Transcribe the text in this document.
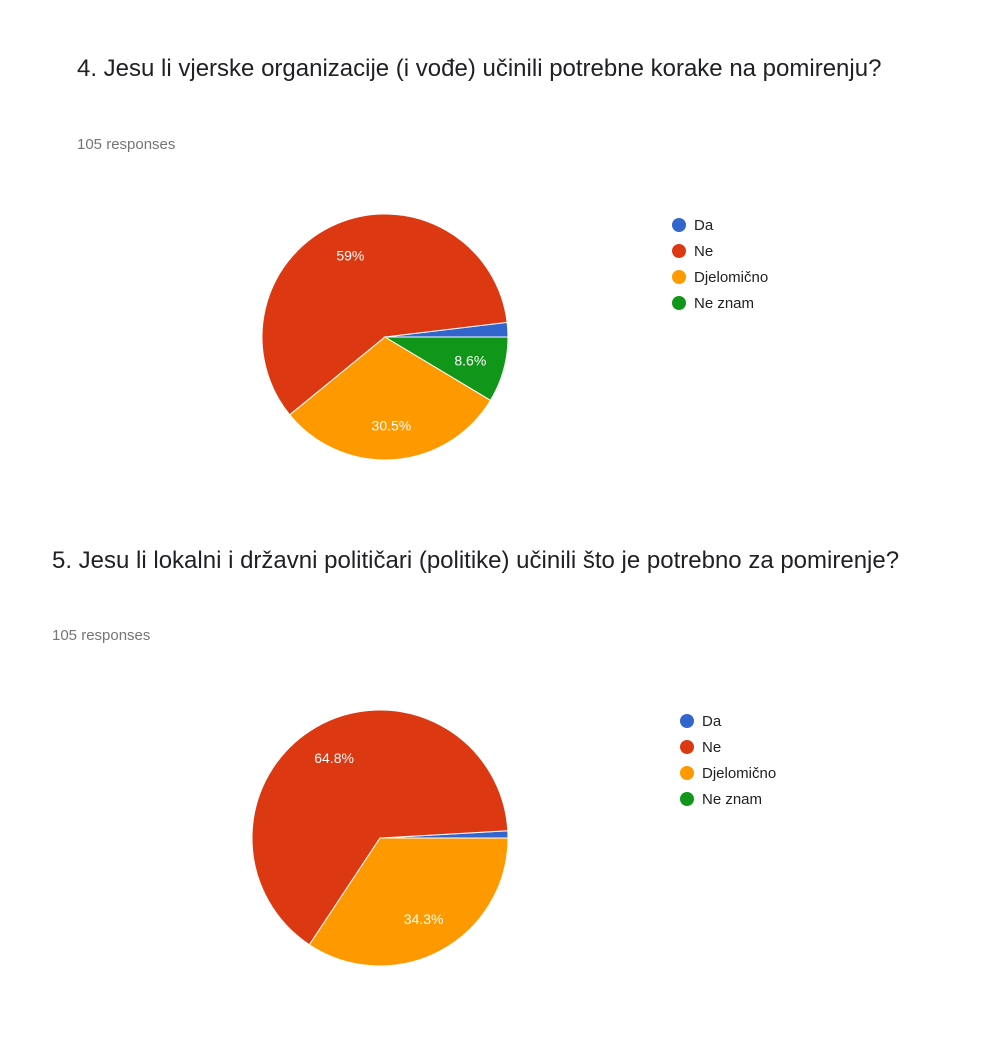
4. Jesu li vjerske organizacije (i vođe) učinili potrebne korake na pomirenju?
105 responses
59%
30.5%
8.6%
Da
Ne
Djelomično
Ne znam
5. Jesu li lokalni i državni političari (politike) učinili što je potrebno za pomirenje?
105 responses
64.8%
34.3%
Da
Ne
Djelomično
Ne znam
